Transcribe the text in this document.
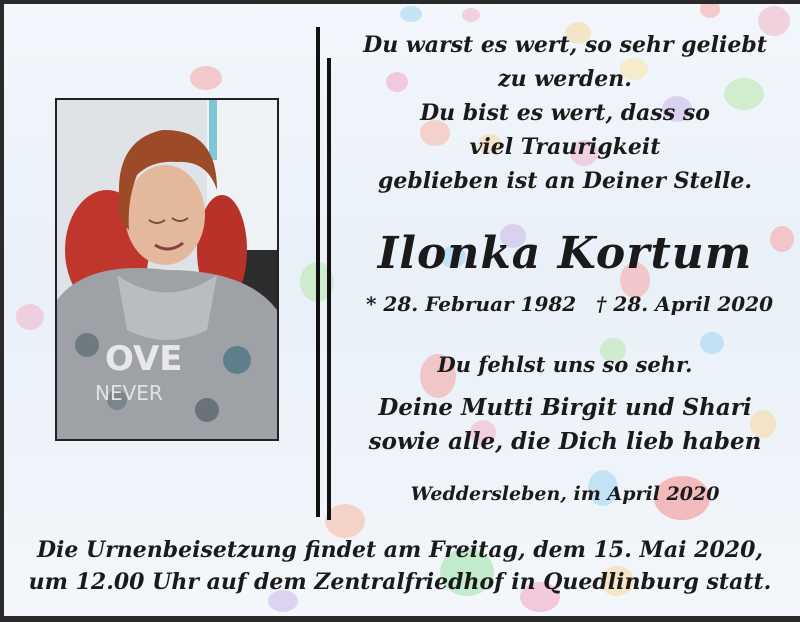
OVE
NEVER
Du warst es wert, so sehr geliebt
zu werden.
Du bist es wert, dass so
viel Traurigkeit
geblieben ist an Deiner Stelle.
Ilonka Kortum
* 28. Februar 1982 † 28. April 2020
Du fehlst uns so sehr.
Deine Mutti Birgit und Shari
sowie alle, die Dich lieb haben
Weddersleben, im April 2020
Die Urnenbeisetzung findet am Freitag, dem 15. Mai 2020,
um 12.00 Uhr auf dem Zentralfriedhof in Quedlinburg statt.
